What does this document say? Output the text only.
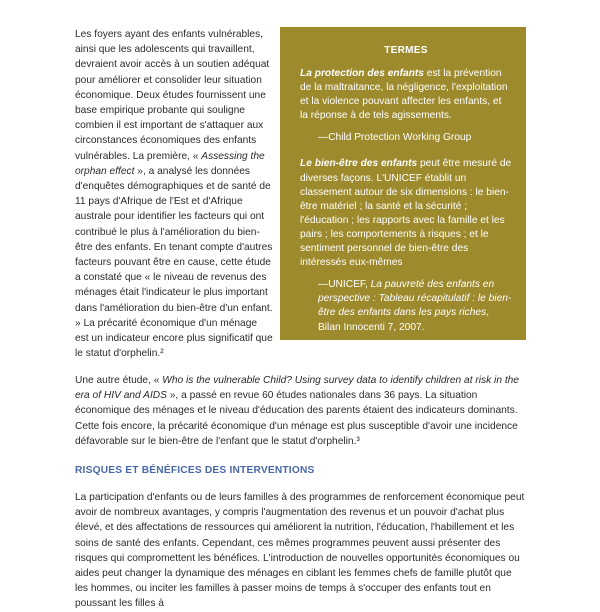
Les foyers ayant des enfants vulnérables, ainsi que les adolescents qui travaillent, devraient avoir accès à un soutien adéquat pour améliorer et consolider leur situation économique. Deux études fournissent une base empirique probante qui souligne combien il est important de s'attaquer aux circonstances économiques des enfants vulnérables. La première, « Assessing the orphan effect », a analysé les données d'enquêtes démographiques et de santé de 11 pays d'Afrique de l'Est et d'Afrique australe pour identifier les facteurs qui ont contribué le plus à l'amélioration du bien-être des enfants. En tenant compte d'autres facteurs pouvant être en cause, cette étude a constaté que « le niveau de revenus des ménages était l'indicateur le plus important dans l'amélioration du bien-être d'un enfant. » La précarité économique d'un ménage est un indicateur encore plus significatif que le statut d'orphelin.²

TERMES

La protection des enfants est la prévention de la maltraitance, la négligence, l'exploitation et la violence pouvant affecter les enfants, et la réponse à de tels agissements.

—Child Protection Working Group

Le bien-être des enfants peut être mesuré de diverses façons. L'UNICEF établit un classement autour de six dimensions : le bien-être matériel ; la santé et la sécurité ; l'éducation ; les rapports avec la famille et les pairs ; les comportements à risques ; et le sentiment personnel de bien-être des intéressés eux-mêmes

—UNICEF, La pauvreté des enfants en perspective : Tableau récapitulatif : le bien-être des enfants dans les pays riches, Bilan Innocenti 7, 2007.

Une autre étude, « Who is the vulnerable Child? Using survey data to identify children at risk in the era of HIV and AIDS », a passé en revue 60 études nationales dans 36 pays. La situation économique des ménages et le niveau d'éducation des parents étaient des indicateurs dominants. Cette fois encore, la précarité économique d'un ménage est plus susceptible d'avoir une incidence défavorable sur le bien-être de l'enfant que le statut d'orphelin.³

RISQUES ET BÉNÉFICES DES INTERVENTIONS

La participation d'enfants ou de leurs familles à des programmes de renforcement économique peut avoir de nombreux avantages, y compris l'augmentation des revenus et un pouvoir d'achat plus élevé, et des affectations de ressources qui améliorent la nutrition, l'éducation, l'habillement et les soins de santé des enfants. Cependant, ces mêmes programmes peuvent aussi présenter des risques qui compromettent les bénéfices. L'introduction de nouvelles opportunités économiques ou aides peut changer la dynamique des ménages en ciblant les femmes chefs de famille plutôt que les hommes, ou inciter les familles à passer moins de temps à s'occuper des enfants tout en poussant les filles à
